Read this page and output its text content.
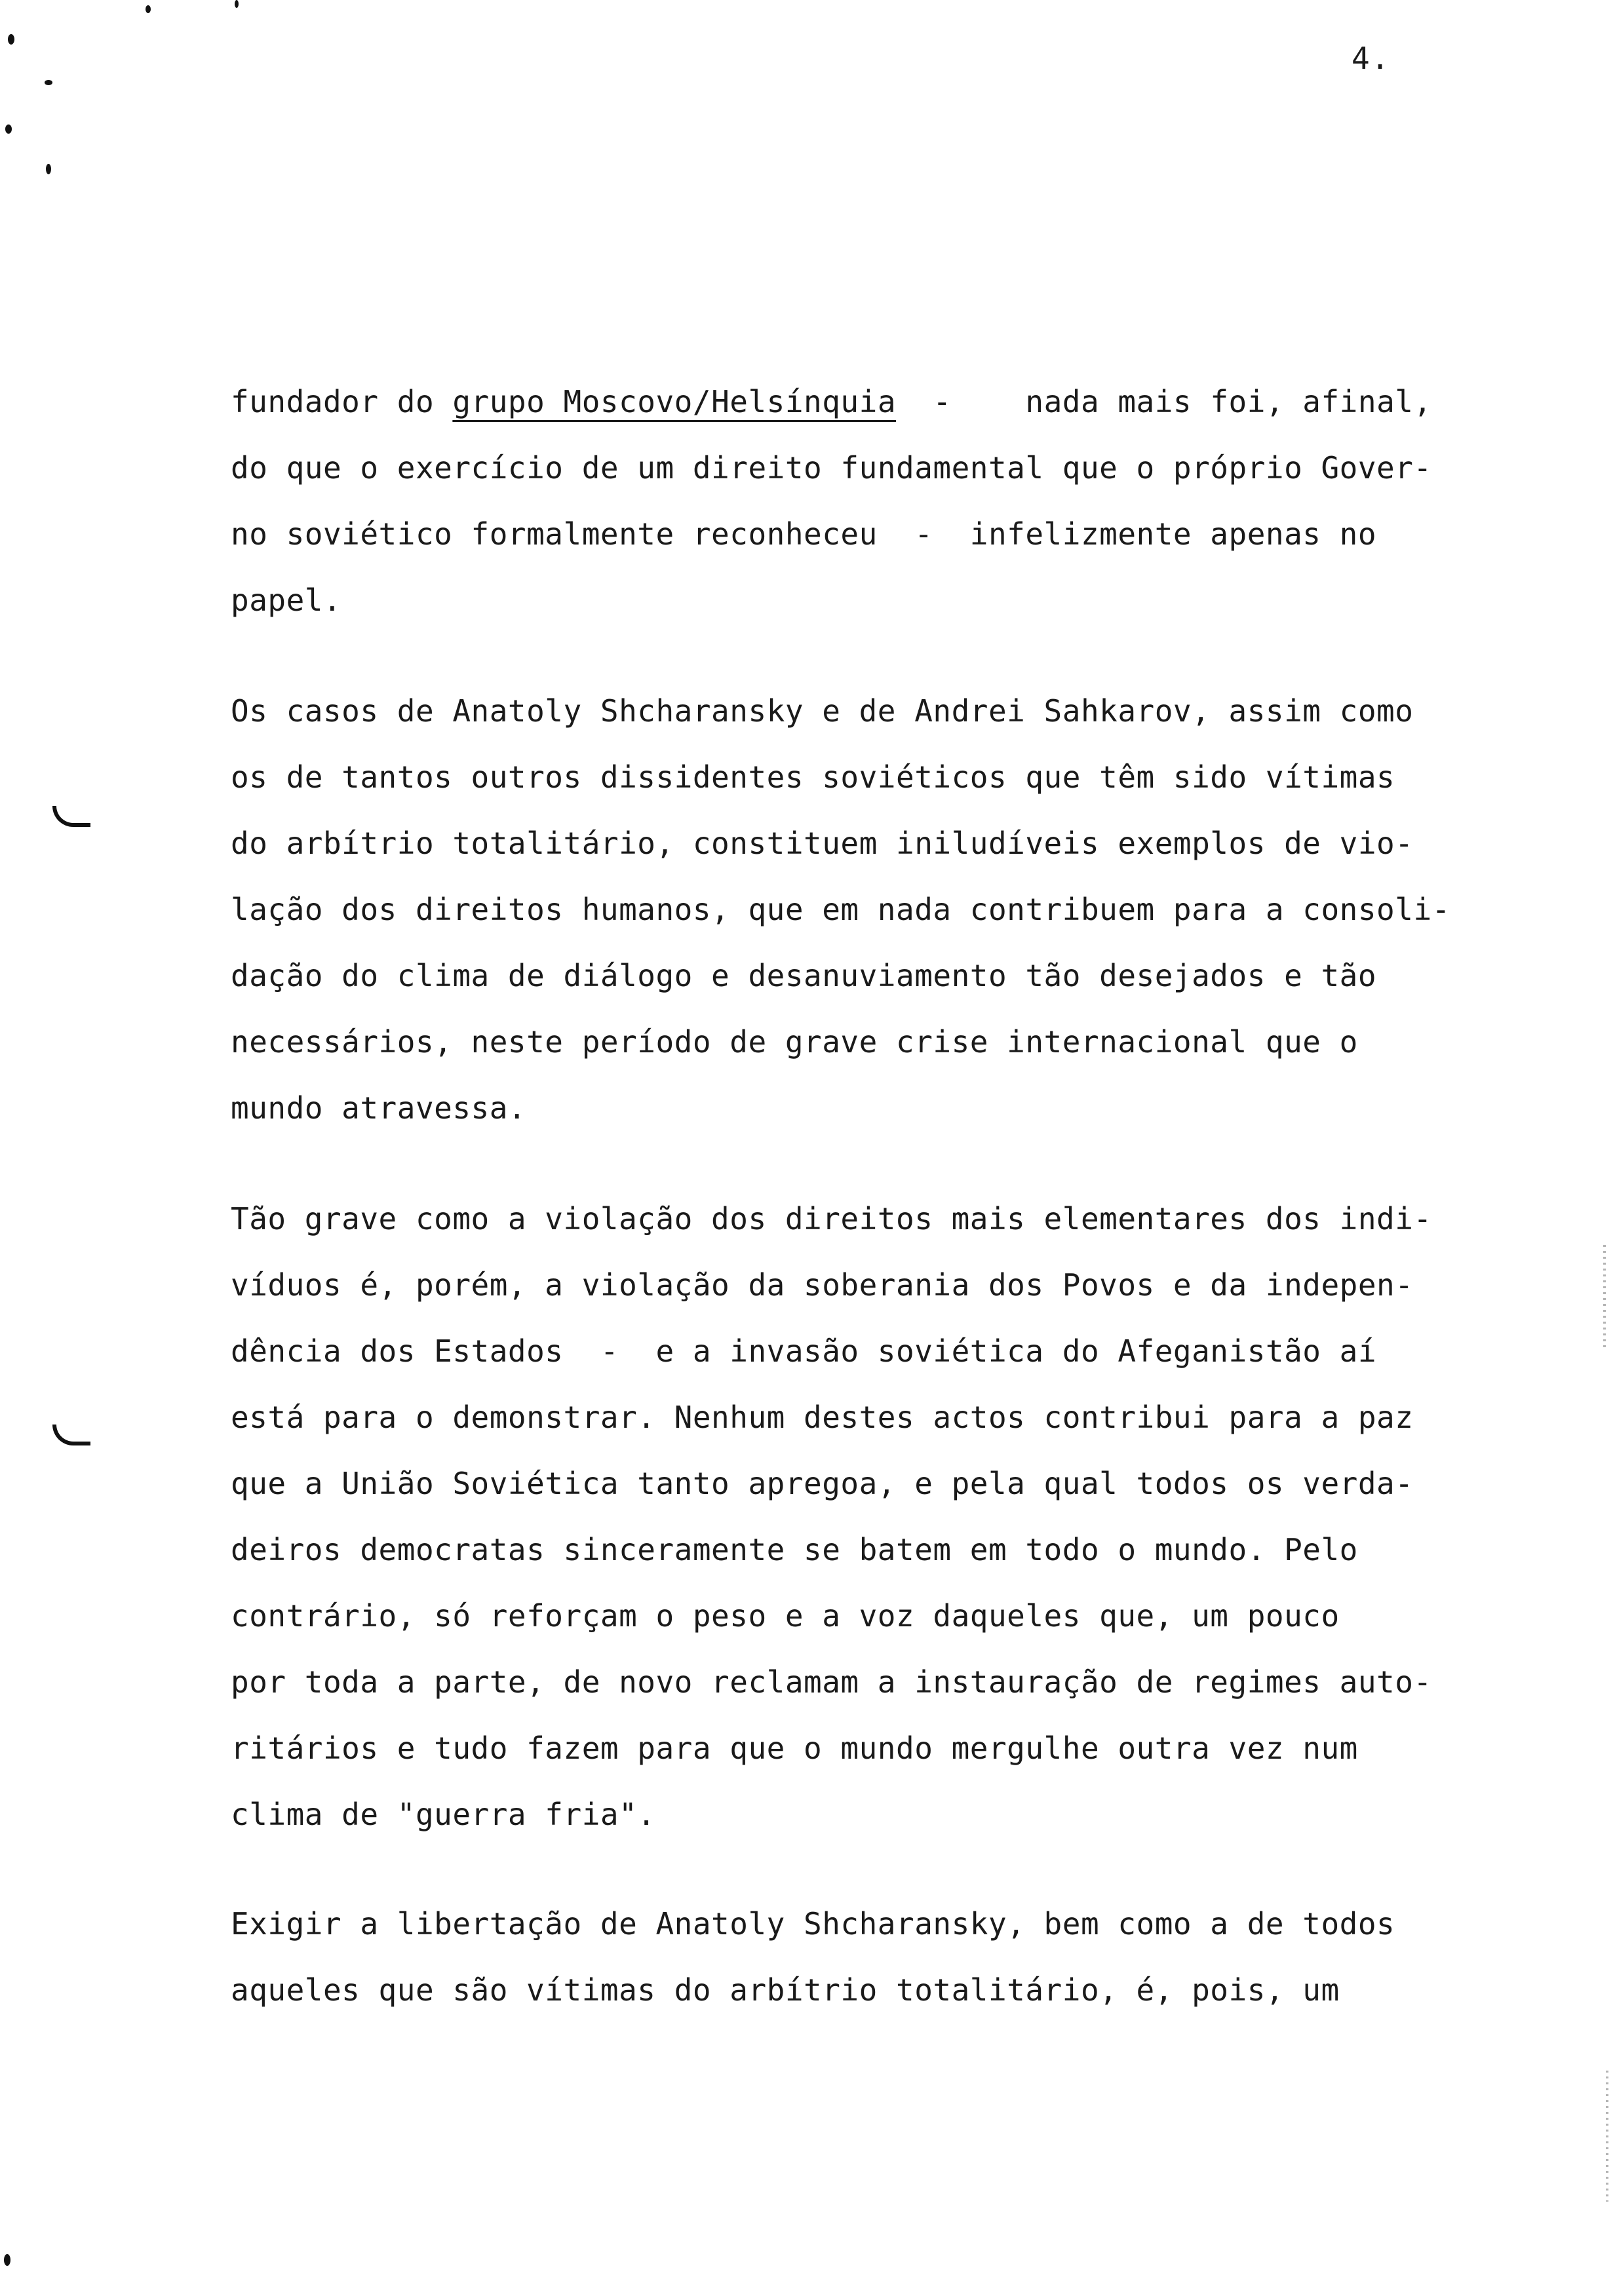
4.
fundador do grupo Moscovo/Helsínquia  -    nada mais foi, afinal,
do que o exercício de um direito fundamental que o próprio Gover-
no soviético formalmente reconheceu  -  infelizmente apenas no
papel.
Os casos de Anatoly Shcharansky e de Andrei Sahkarov, assim como
os de tantos outros dissidentes soviéticos que têm sido vítimas
do arbítrio totalitário, constituem iniludíveis exemplos de vio-
lação dos direitos humanos, que em nada contribuem para a consoli-
dação do clima de diálogo e desanuviamento tão desejados e tão
necessários, neste período de grave crise internacional que o
mundo atravessa.
Tão grave como a violação dos direitos mais elementares dos indi-
víduos é, porém, a violação da soberania dos Povos e da indepen-
dência dos Estados  -  e a invasão soviética do Afeganistão aí
está para o demonstrar. Nenhum destes actos contribui para a paz
que a União Soviética tanto apregoa, e pela qual todos os verda-
deiros democratas sinceramente se batem em todo o mundo. Pelo
contrário, só reforçam o peso e a voz daqueles que, um pouco
por toda a parte, de novo reclamam a instauração de regimes auto-
ritários e tudo fazem para que o mundo mergulhe outra vez num
clima de "guerra fria".
Exigir a libertação de Anatoly Shcharansky, bem como a de todos
aqueles que são vítimas do arbítrio totalitário, é, pois, um
